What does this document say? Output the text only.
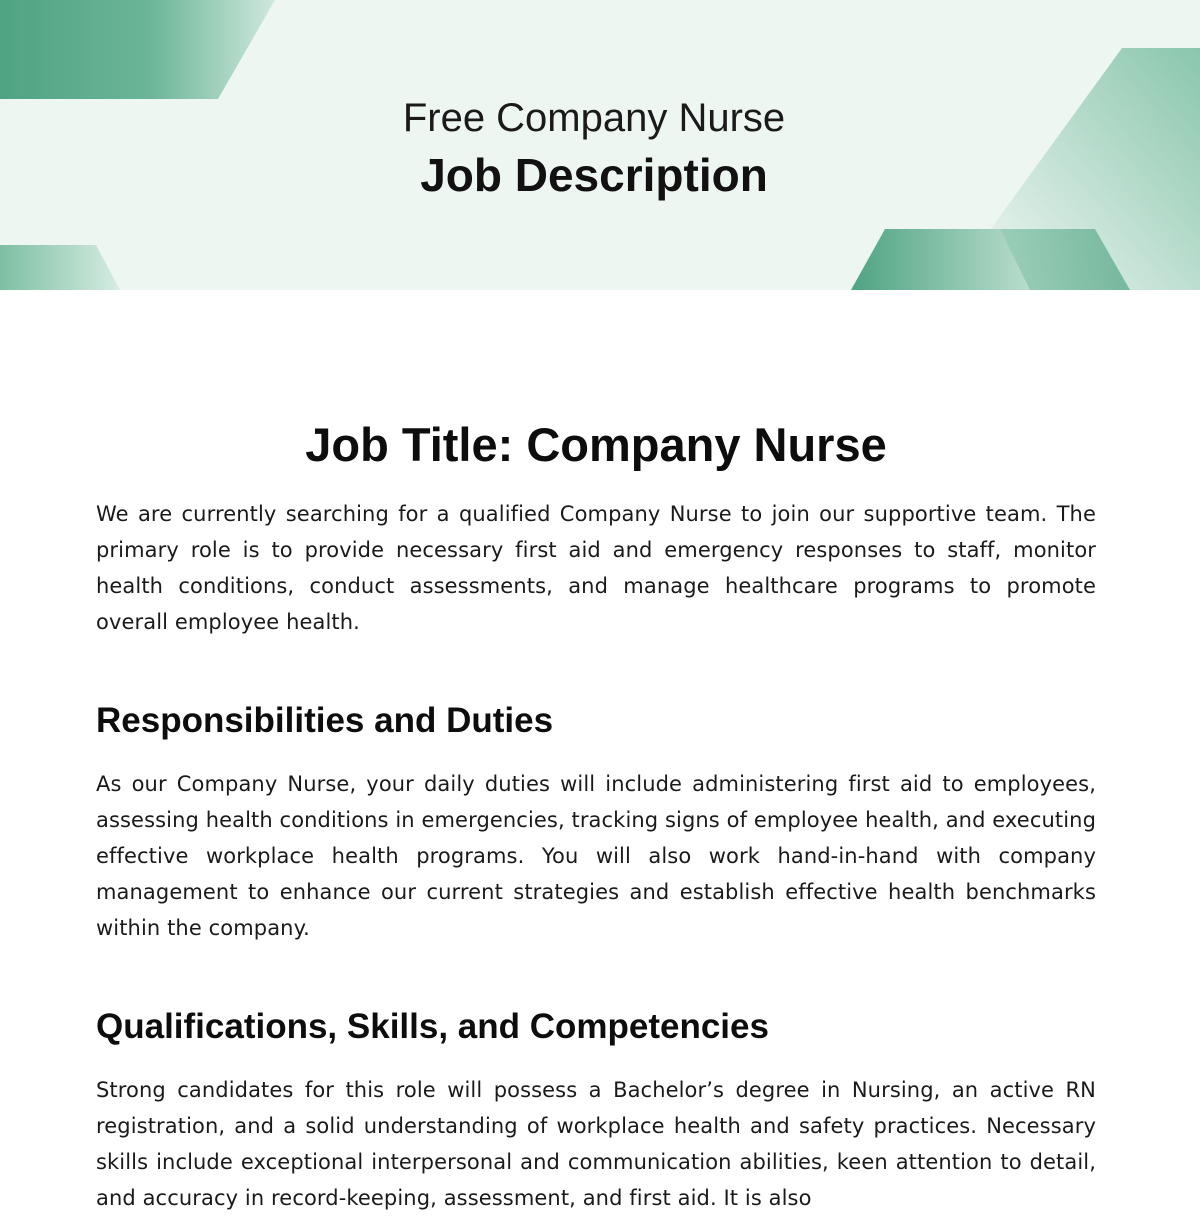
Free Company Nurse
Job Description
Job Title: Company Nurse

We are currently searching for a qualified Company Nurse to join our supportive team. The primary role is to provide necessary first aid and emergency responses to staff, monitor health conditions, conduct assessments, and manage healthcare programs to promote overall employee health.

Responsibilities and Duties

As our Company Nurse, your daily duties will include administering first aid to employees, assessing health conditions in emergencies, tracking signs of employee health, and executing effective workplace health programs. You will also work hand-in-hand with company management to enhance our current strategies and establish effective health benchmarks within the company.

Qualifications, Skills, and Competencies

Strong candidates for this role will possess a Bachelor’s degree in Nursing, an active RN registration, and a solid understanding of workplace health and safety practices. Necessary skills include exceptional interpersonal and communication abilities, keen attention to detail, and accuracy in record-keeping, assessment, and first aid. It is also
